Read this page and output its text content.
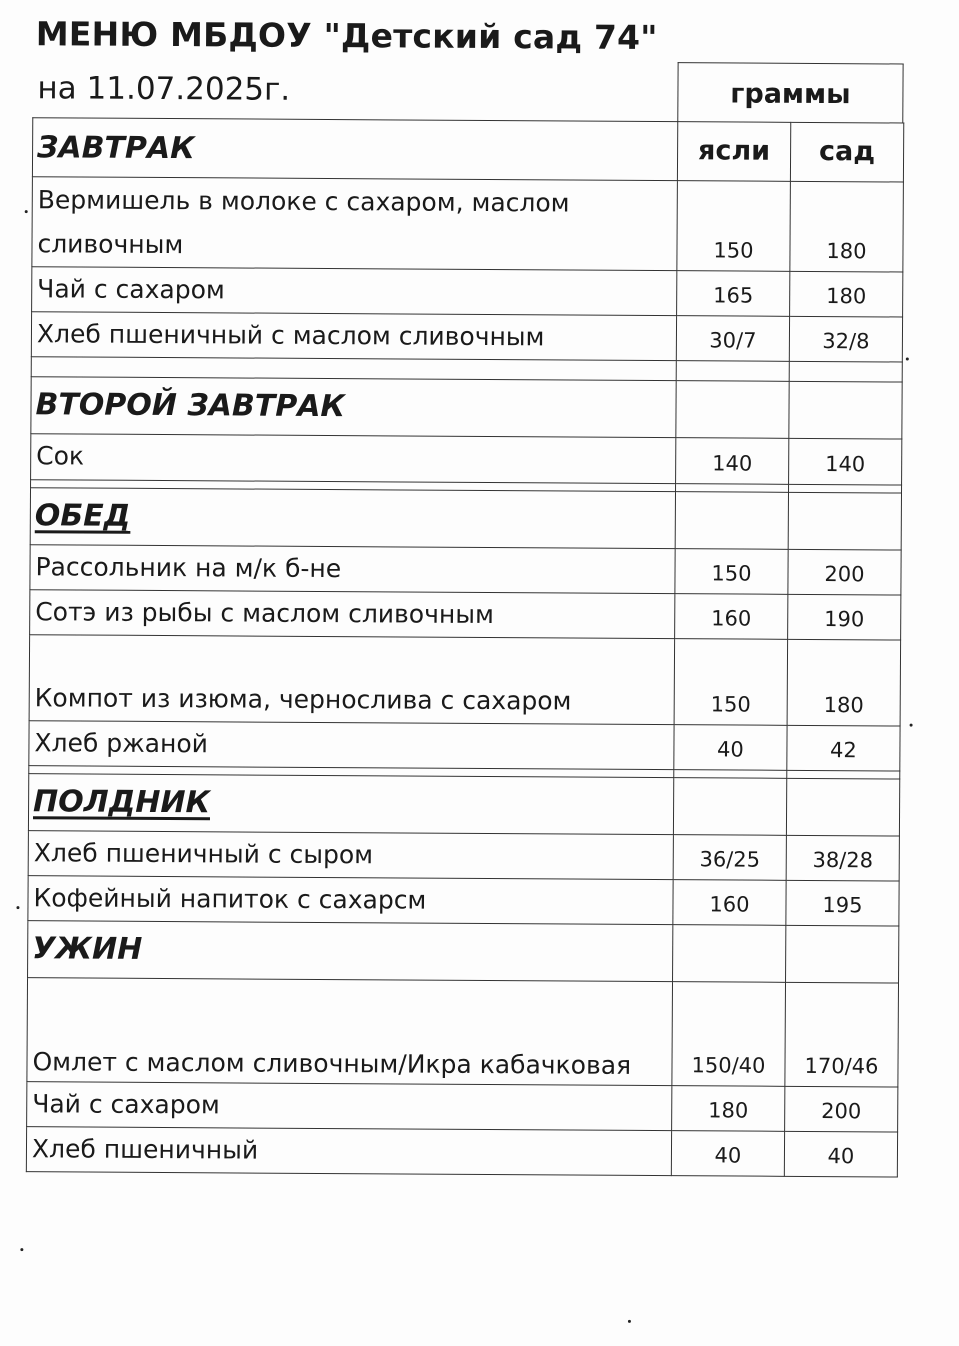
МЕНЮ МБДОУ "Детский сад 74"
на 11.07.2025г.	граммы
ЗАВТРАК	ясли	сад
Вермишель в молоке с сахаром, маслом сливочным	150	180
Чай с сахаром	165	180
Хлеб пшеничный с маслом сливочным	30/7	32/8

ВТОРОЙ ЗАВТРАК		
Сок	140	140

ОБЕД		
Рассольник на м/к б-не	150	200
Сотэ из рыбы с маслом сливочным	160	190
Компот из изюма, чернослива с сахаром	150	180
Хлеб ржаной	40	42

ПОЛДНИК		
Хлеб пшеничный с сыром	36/25	38/28
Кофейный напиток с сахарсм	160	195
УЖИН		
Омлет с маслом сливочным/Икра кабачковая	150/40	170/46
Чай с сахаром	180	200
Хлеб пшеничный	40	40
